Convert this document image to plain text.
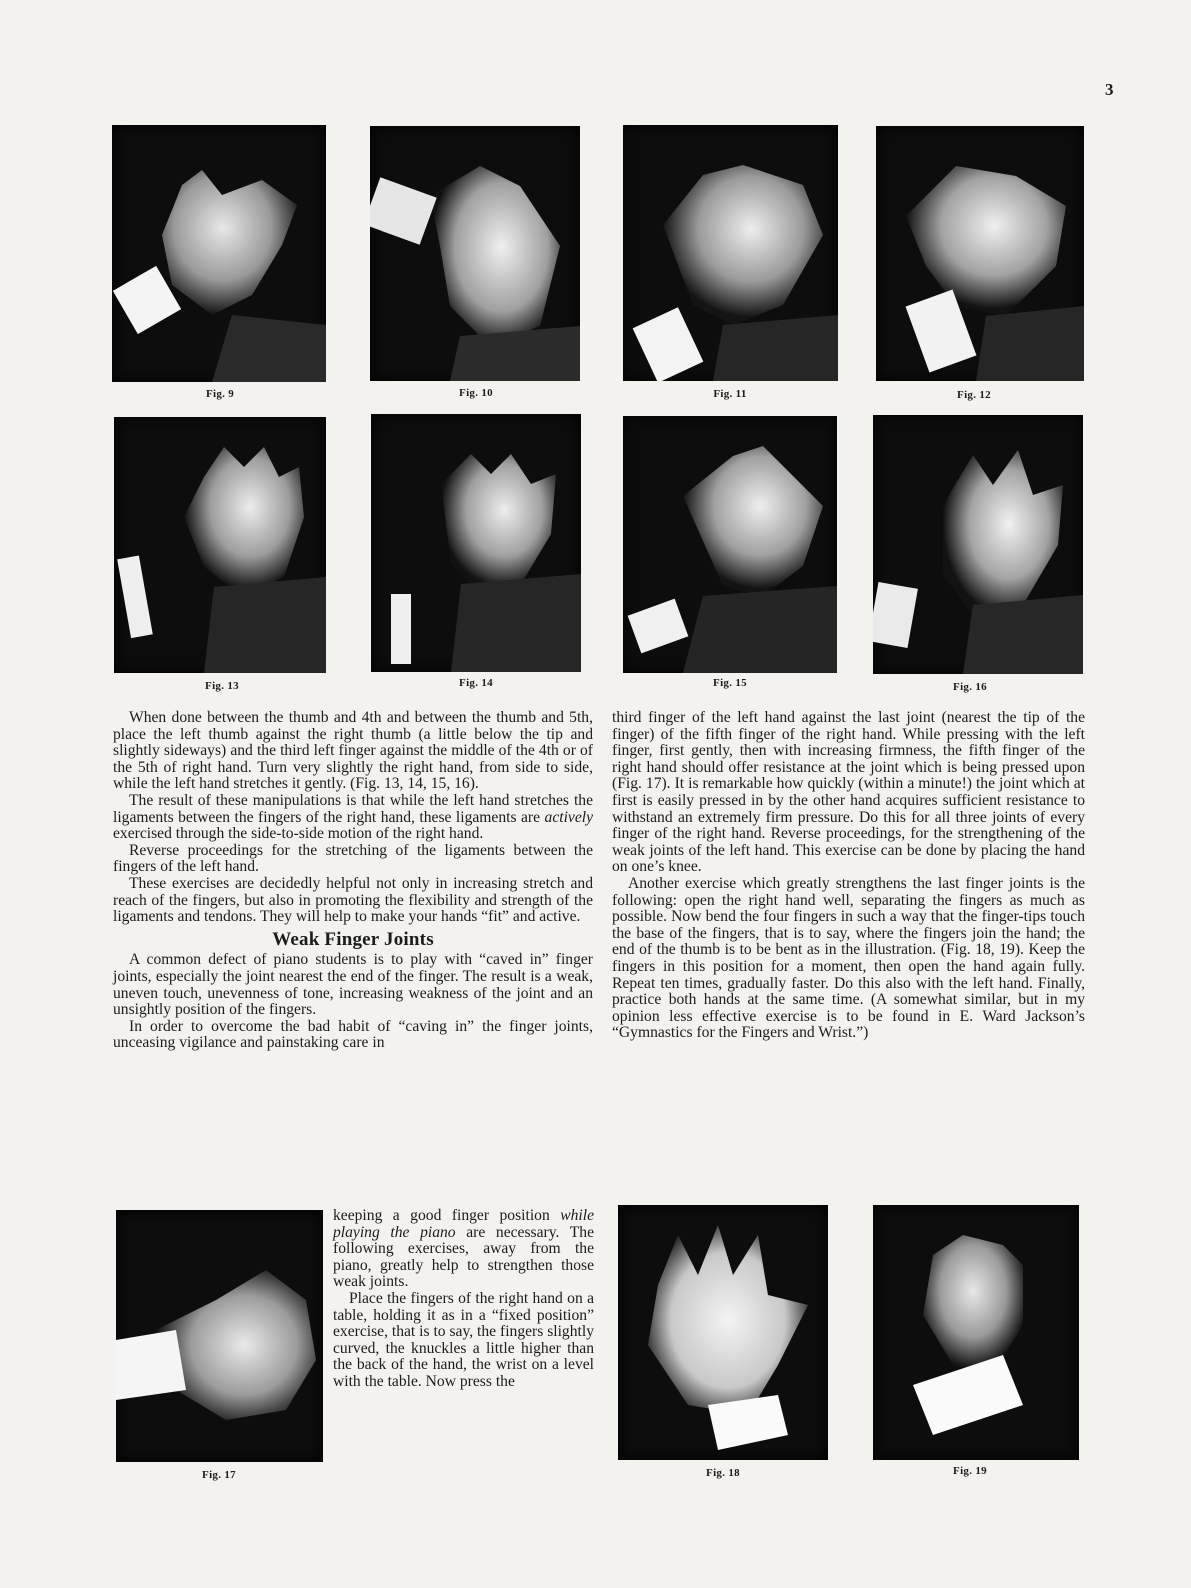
3
Fig. 9	Fig. 10	Fig. 11	Fig. 12
Fig. 13	Fig. 14	Fig. 15	Fig. 16

When done between the thumb and 4th and between the thumb and 5th, place the left thumb against the right thumb (a little below the tip and slightly sideways) and the third left finger against the middle of the 4th or of the 5th of right hand. Turn very slightly the right hand, from side to side, while the left hand stretches it gently. (Fig. 13, 14, 15, 16).

The result of these manipulations is that while the left hand stretches the ligaments between the fingers of the right hand, these ligaments are actively exercised through the side-to-side motion of the right hand.

Reverse proceedings for the stretching of the ligaments between the fingers of the left hand.

These exercises are decidedly helpful not only in increasing stretch and reach of the fingers, but also in promoting the flexibility and strength of the ligaments and tendons. They will help to make your hands “fit” and active.

Weak Finger Joints

A common defect of piano students is to play with “caved in” finger joints, especially the joint nearest the end of the finger. The result is a weak, uneven touch, unevenness of tone, increasing weakness of the joint and an unsightly position of the fingers.

In order to overcome the bad habit of “caving in” the finger joints, unceasing vigilance and painstaking care in

Fig. 17

keeping a good finger position while playing the piano are necessary. The following exercises, away from the piano, greatly help to strengthen those weak joints.

Place the fingers of the right hand on a table, holding it as in a “fixed position” exercise, that is to say, the fingers slightly curved, the knuckles a little higher than the back of the hand, the wrist on a level with the table. Now press the

third finger of the left hand against the last joint (nearest the tip of the finger) of the fifth finger of the right hand. While pressing with the left finger, first gently, then with increasing firmness, the fifth finger of the right hand should offer resistance at the joint which is being pressed upon (Fig. 17). It is remarkable how quickly (within a minute!) the joint which at first is easily pressed in by the other hand acquires sufficient resistance to withstand an extremely firm pressure. Do this for all three joints of every finger of the right hand. Reverse proceedings, for the strengthening of the weak joints of the left hand. This exercise can be done by placing the hand on one’s knee.

Another exercise which greatly strengthens the last finger joints is the following: open the right hand well, separating the fingers as much as possible. Now bend the four fingers in such a way that the finger-tips touch the base of the fingers, that is to say, where the fingers join the hand; the end of the thumb is to be bent as in the illustration. (Fig. 18, 19). Keep the fingers in this position for a moment, then open the hand again fully. Repeat ten times, gradually faster. Do this also with the left hand. Finally, practice both hands at the same time. (A somewhat similar, but in my opinion less effective exercise is to be found in E. Ward Jackson’s “Gymnastics for the Fingers and Wrist.”)

Fig. 18	Fig. 19
